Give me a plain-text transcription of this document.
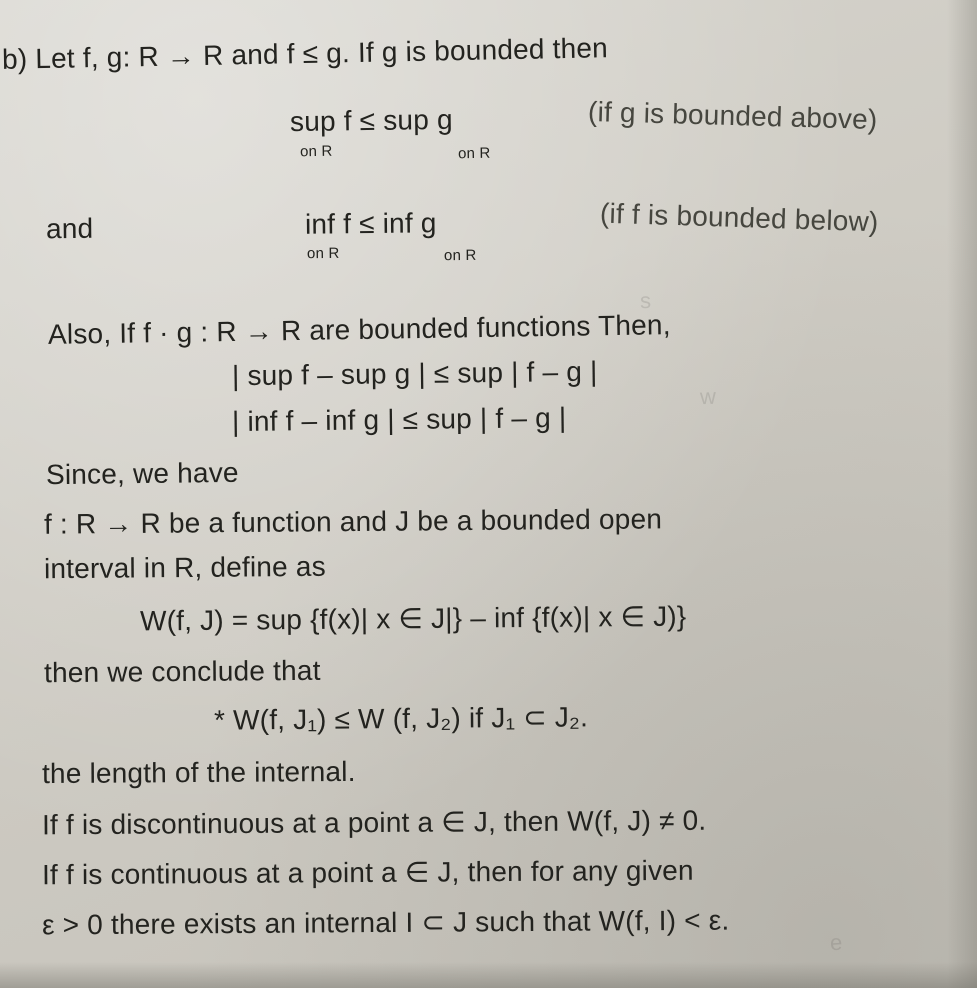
s
w
e
b) Let f, g: R → R and f ≤ g. If g is bounded then
sup f ≤ sup g
on R	on R
(if g is bounded above)
and	inf f ≤ inf g
on R	on R
(if f is bounded below)
Also, If f · g : R → R are bounded functions Then,
| sup f – sup g | ≤ sup | f – g |
| inf f – inf g | ≤ sup | f – g |
Since, we have
f : R → R be a function and J be a bounded open
interval in R, define as
W(f, J) = sup {f(x)| x ∈ J|} – inf {f(x)| x ∈ J)}
then we conclude that
* W(f, J₁) ≤ W (f, J₂) if J₁ ⊂ J₂.
the length of the internal.
If f is discontinuous at a point a ∈ J, then W(f, J) ≠ 0.
If f is continuous at a point a ∈ J, then for any given
ε > 0 there exists an internal I ⊂ J such that W(f, I) < ε.
